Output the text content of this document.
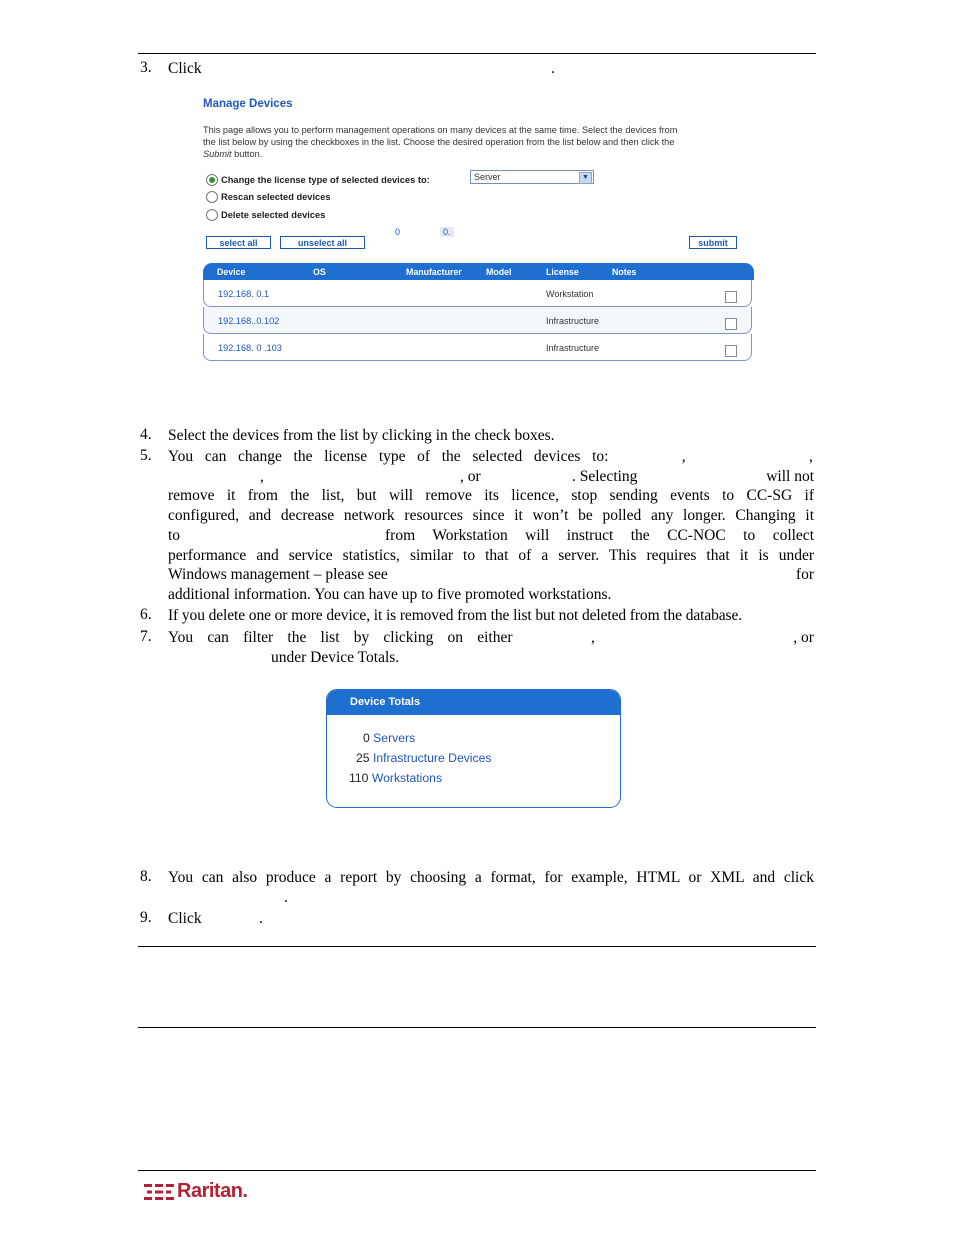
3. Click	.
Manage Devices
This page allows you to perform management operations on many devices at the same time. Select the devices from
the list below by using the checkboxes in the list. Choose the desired operation from the list below and then click the
Submit button.
Change the license type of selected devices to:	Server	▼
Rescan selected devices
Delete selected devices
select all	unselect all
0	0.
submit
Device	OS	Manufacturer	Model	License	Notes
192.168. 0.1	Workstation
192.168..0.102	Infrastructure
192.168. 0 .103	Infrastructure
4. Select the devices from the list by clicking in the check boxes.
5. You can change the license type of the selected devices to:	,	,
,	, or	. Selecting	will not

remove it from the list, but will remove its licence, stop sending events to CC-SG if
configured, and decrease network resources since it won’t be polled any longer. Changing it
to	from Workstation will instruct the CC-NOC to collect
performance and service statistics, similar to that of a server. This requires that it is under
Windows management – please see	for
additional information. You can have up to five promoted workstations.
6. If you delete one or more device, it is removed from the list but not deleted from the database.
7. You can filter the list by clicking on either	,	, or
under Device Totals.
Device Totals
0 Servers
25 Infrastructure Devices
110 Workstations
8. You can also produce a report by choosing a format, for example, HTML or XML and click
.
9. Click	.
Raritan.
